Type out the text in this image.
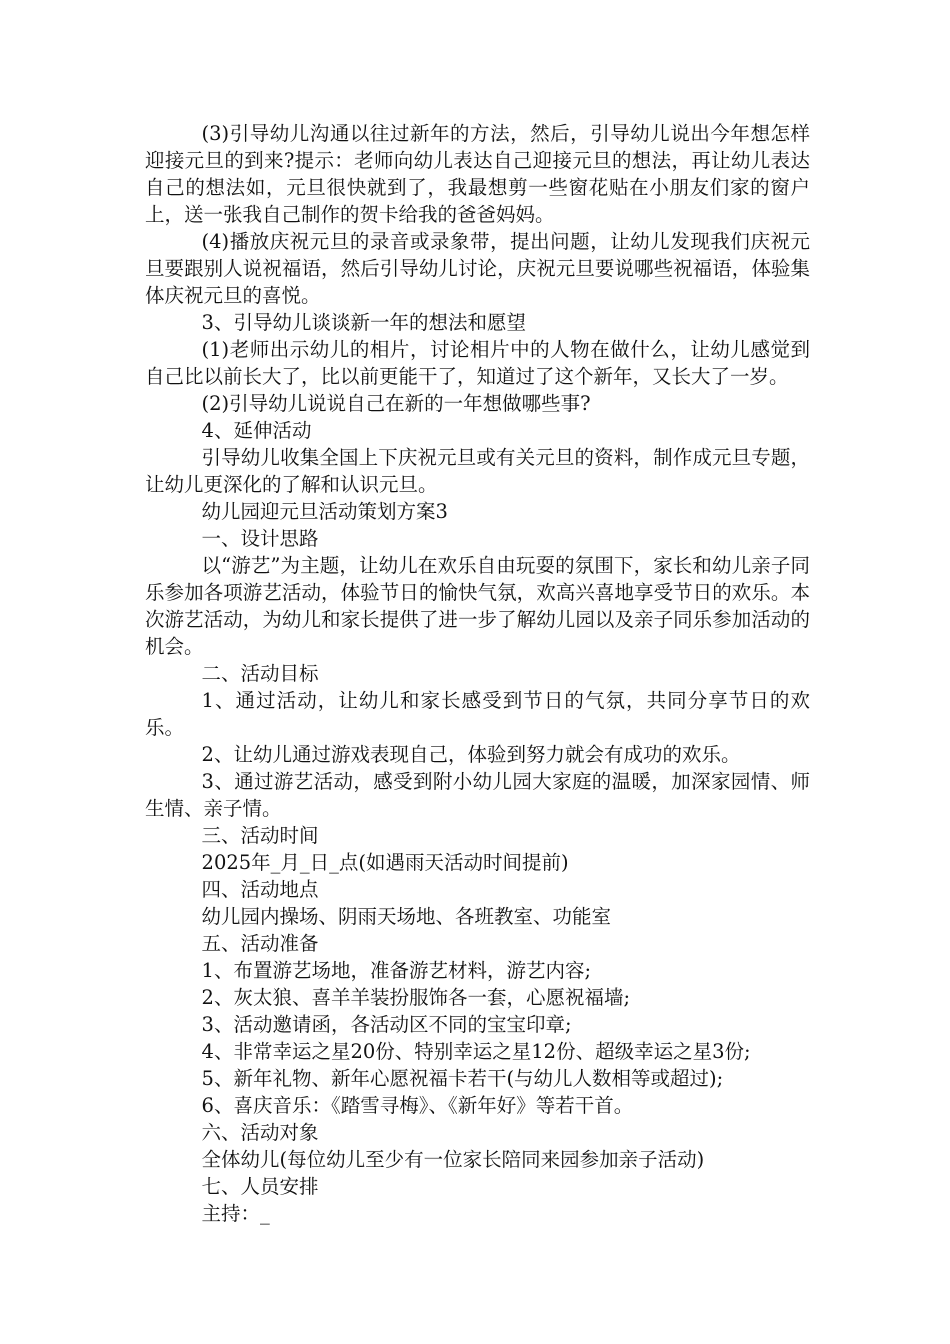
(3)引导幼儿沟通以往过新年的方法，然后，引导幼儿说出今年想怎样迎接元旦的到来?提示：老师向幼儿表达自己迎接元旦的想法，再让幼儿表达自己的想法如，元旦很快就到了，我最想剪一些窗花贴在小朋友们家的窗户上，送一张我自己制作的贺卡给我的爸爸妈妈。

(4)播放庆祝元旦的录音或录象带，提出问题，让幼儿发现我们庆祝元旦要跟别人说祝福语，然后引导幼儿讨论，庆祝元旦要说哪些祝福语，体验集体庆祝元旦的喜悦。

3、引导幼儿谈谈新一年的想法和愿望

(1)老师出示幼儿的相片，讨论相片中的人物在做什么，让幼儿感觉到自己比以前长大了，比以前更能干了，知道过了这个新年，又长大了一岁。

(2)引导幼儿说说自己在新的一年想做哪些事?

4、延伸活动

引导幼儿收集全国上下庆祝元旦或有关元旦的资料，制作成元旦专题，让幼儿更深化的了解和认识元旦。

幼儿园迎元旦活动策划方案3

一、设计思路

以“游艺”为主题，让幼儿在欢乐自由玩耍的氛围下，家长和幼儿亲子同乐参加各项游艺活动，体验节日的愉快气氛，欢高兴喜地享受节日的欢乐。本次游艺活动，为幼儿和家长提供了进一步了解幼儿园以及亲子同乐参加活动的机会。

二、活动目标

1、通过活动，让幼儿和家长感受到节日的气氛，共同分享节日的欢乐。

2、让幼儿通过游戏表现自己，体验到努力就会有成功的欢乐。

3、通过游艺活动，感受到附小幼儿园大家庭的温暖，加深家园情、师生情、亲子情。

三、活动时间

2025年_月_日_点(如遇雨天活动时间提前)

四、活动地点

幼儿园内操场、阴雨天场地、各班教室、功能室

五、活动准备

1、布置游艺场地，准备游艺材料，游艺内容;

2、灰太狼、喜羊羊装扮服饰各一套，心愿祝福墙;

3、活动邀请函，各活动区不同的宝宝印章;

4、非常幸运之星20份、特别幸运之星12份、超级幸运之星3份;

5、新年礼物、新年心愿祝福卡若干(与幼儿人数相等或超过);

6、喜庆音乐：《踏雪寻梅》、《新年好》等若干首。

六、活动对象

全体幼儿(每位幼儿至少有一位家长陪同来园参加亲子活动)

七、人员安排

主持：_
